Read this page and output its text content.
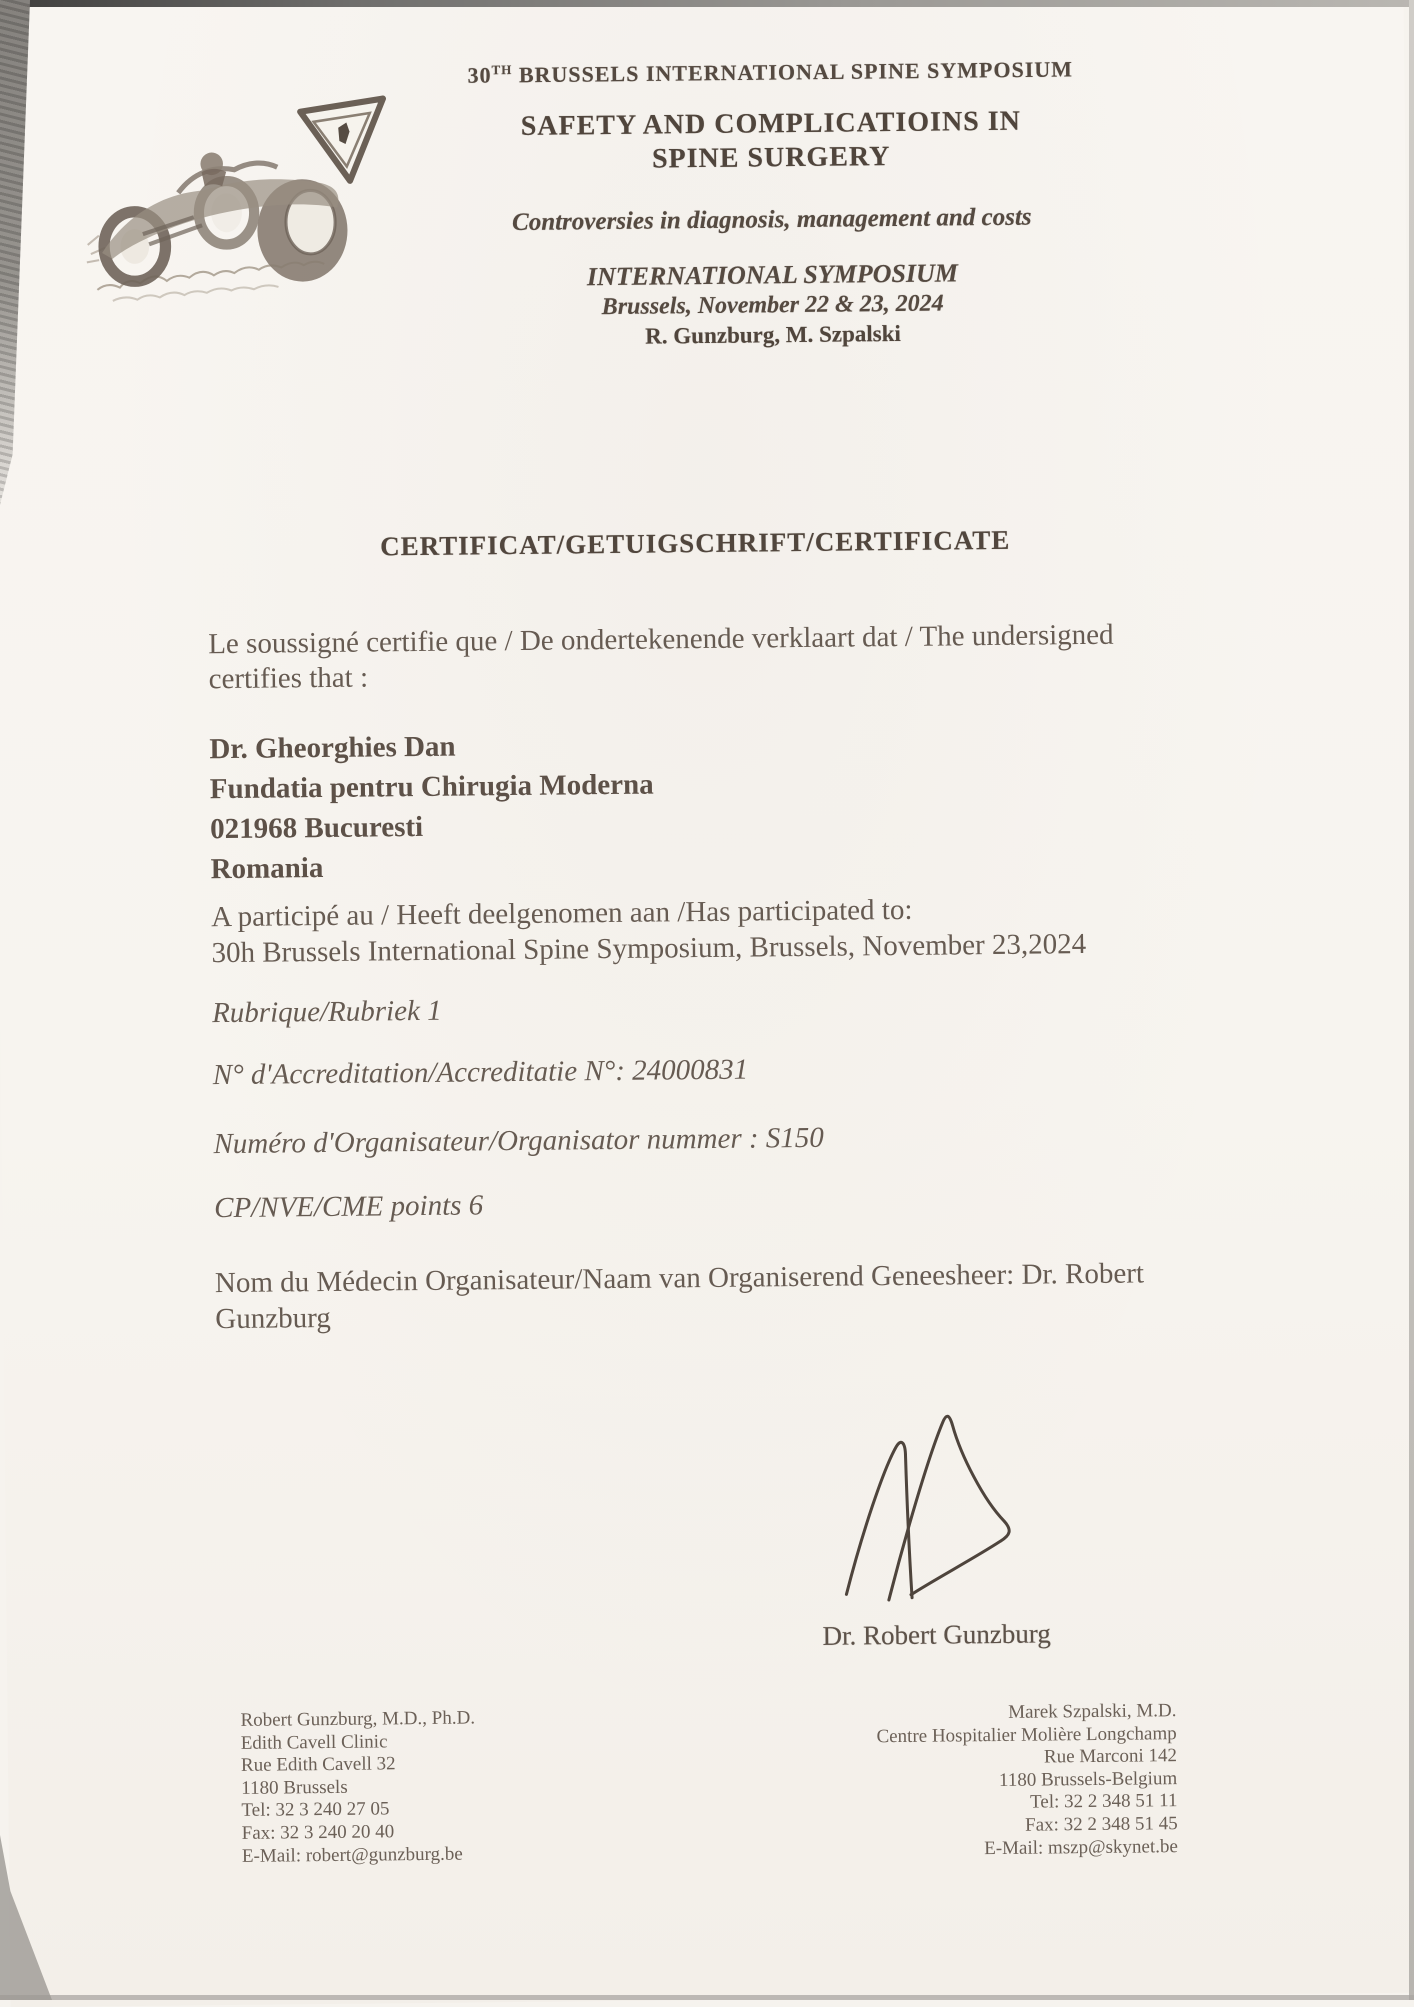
30TH BRUSSELS INTERNATIONAL SPINE SYMPOSIUM
SAFETY AND COMPLICATIOINS IN
SPINE SURGERY
Controversies in diagnosis, management and costs
INTERNATIONAL SYMPOSIUM
Brussels, November 22 & 23, 2024
R. Gunzburg, M. Szpalski
CERTIFICAT/GETUIGSCHRIFT/CERTIFICATE
Le soussigné certifie que / De ondertekenende verklaart dat / The undersigned
certifies that :
Dr. Gheorghies Dan
Fundatia pentru Chirugia Moderna
021968 Bucuresti
Romania
A participé au / Heeft deelgenomen aan /Has participated to:
30h Brussels International Spine Symposium, Brussels, November 23,2024
Rubrique/Rubriek 1
N° d'Accreditation/Accreditatie N°: 24000831
Numéro d'Organisateur/Organisator nummer : S150
CP/NVE/CME points 6
Nom du Médecin Organisateur/Naam van Organiserend Geneesheer: Dr. Robert
Gunzburg
Dr. Robert Gunzburg
Robert Gunzburg, M.D., Ph.D.
Edith Cavell Clinic
Rue Edith Cavell 32
1180 Brussels
Tel: 32 3 240 27 05
Fax: 32 3 240 20 40
E-Mail: robert@gunzburg.be
Marek Szpalski, M.D.
Centre Hospitalier Molière Longchamp
Rue Marconi 142
1180 Brussels-Belgium
Tel: 32 2 348 51 11
Fax: 32 2 348 51 45
E-Mail: mszp@skynet.be
